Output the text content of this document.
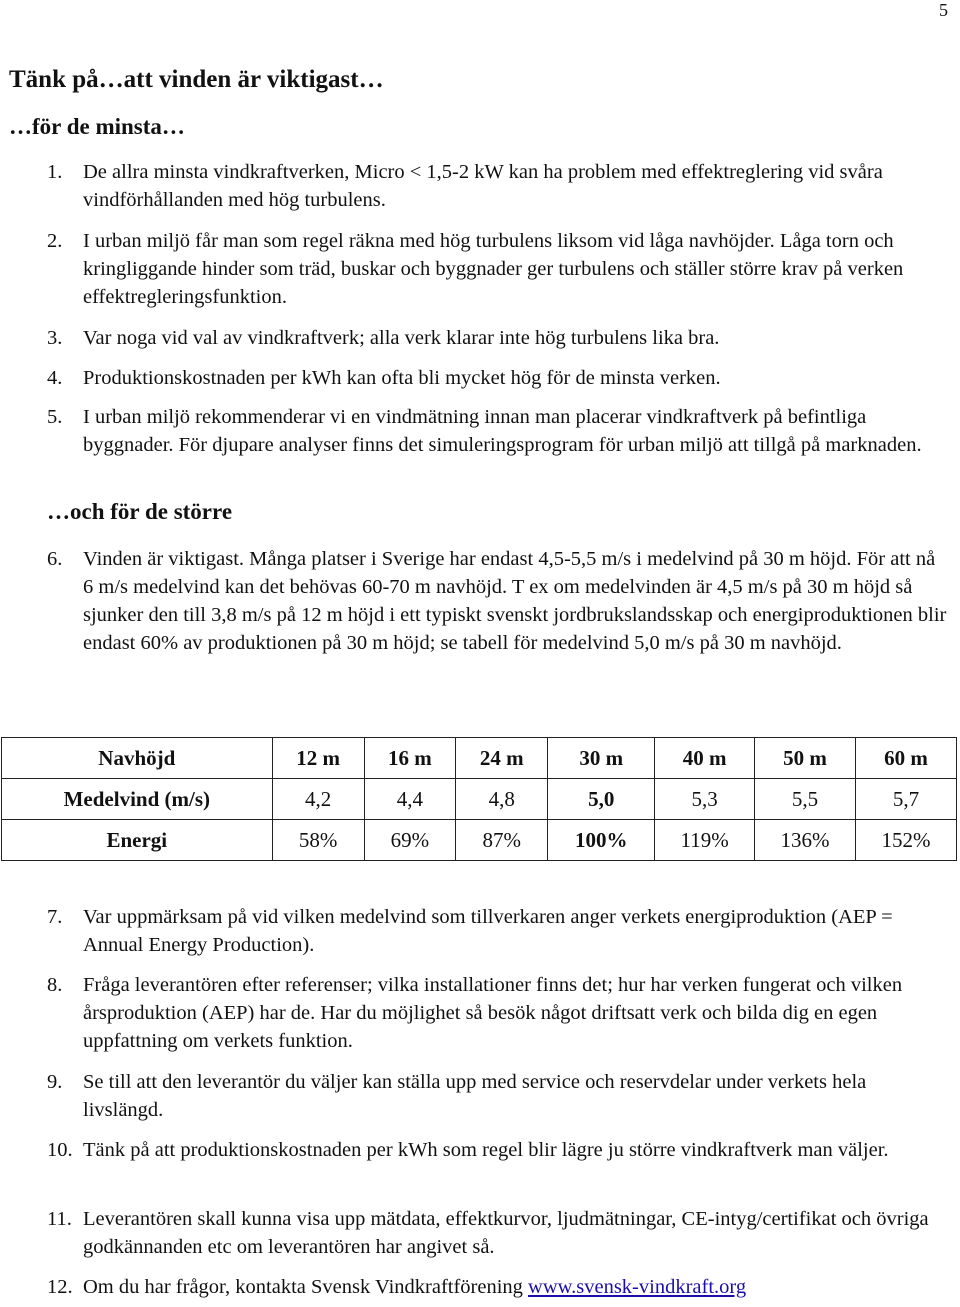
5
Tänk på…att vinden är viktigast…
…för de minsta…
1. De allra minsta vindkraftverken, Micro < 1,5-2 kW kan ha problem med effektreglering vid svåra vindförhållanden med hög turbulens.
2. I urban miljö får man som regel räkna med hög turbulens liksom vid låga navhöjder. Låga torn och kringliggande hinder som träd, buskar och byggnader ger turbulens och ställer större krav på verken effektregleringsfunktion.
3. Var noga vid val av vindkraftverk; alla verk klarar inte hög turbulens lika bra.
4. Produktionskostnaden per kWh kan ofta bli mycket hög för de minsta verken.
5. I urban miljö rekommenderar vi en vindmätning innan man placerar vindkraftverk på befintliga byggnader. För djupare analyser finns det simuleringsprogram för urban miljö att tillgå på marknaden.
…och för de större
6. Vinden är viktigast. Många platser i Sverige har endast 4,5-5,5 m/s i medelvind på 30 m höjd. För att nå 6 m/s medelvind kan det behövas 60-70 m navhöjd. T ex om medelvinden är 4,5 m/s på 30 m höjd så sjunker den till 3,8 m/s på 12 m höjd i ett typiskt svenskt jordbrukslandsskap och energiproduktionen blir endast 60% av produktionen på 30 m höjd; se tabell för medelvind 5,0 m/s på 30 m navhöjd.
Navhöjd	12 m	16 m	24 m	30 m	40 m	50 m	60 m
Medelvind (m/s)	4,2	4,4	4,8	5,0	5,3	5,5	5,7
Energi	58%	69%	87%	100%	119%	136%	152%
7. Var uppmärksam på vid vilken medelvind som tillverkaren anger verkets energiproduktion (AEP = Annual Energy Production).
8. Fråga leverantören efter referenser; vilka installationer finns det; hur har verken fungerat och vilken årsproduktion (AEP) har de. Har du möjlighet så besök något driftsatt verk och bilda dig en egen uppfattning om verkets funktion.
9. Se till att den leverantör du väljer kan ställa upp med service och reservdelar under verkets hela livslängd.
10. Tänk på att produktionskostnaden per kWh som regel blir lägre ju större vindkraftverk man väljer.
11. Leverantören skall kunna visa upp mätdata, effektkurvor, ljudmätningar, CE-intyg/certifikat och övriga godkännanden etc om leverantören har angivet så.
12. Om du har frågor, kontakta Svensk Vindkraftförening www.svensk-vindkraft.org
